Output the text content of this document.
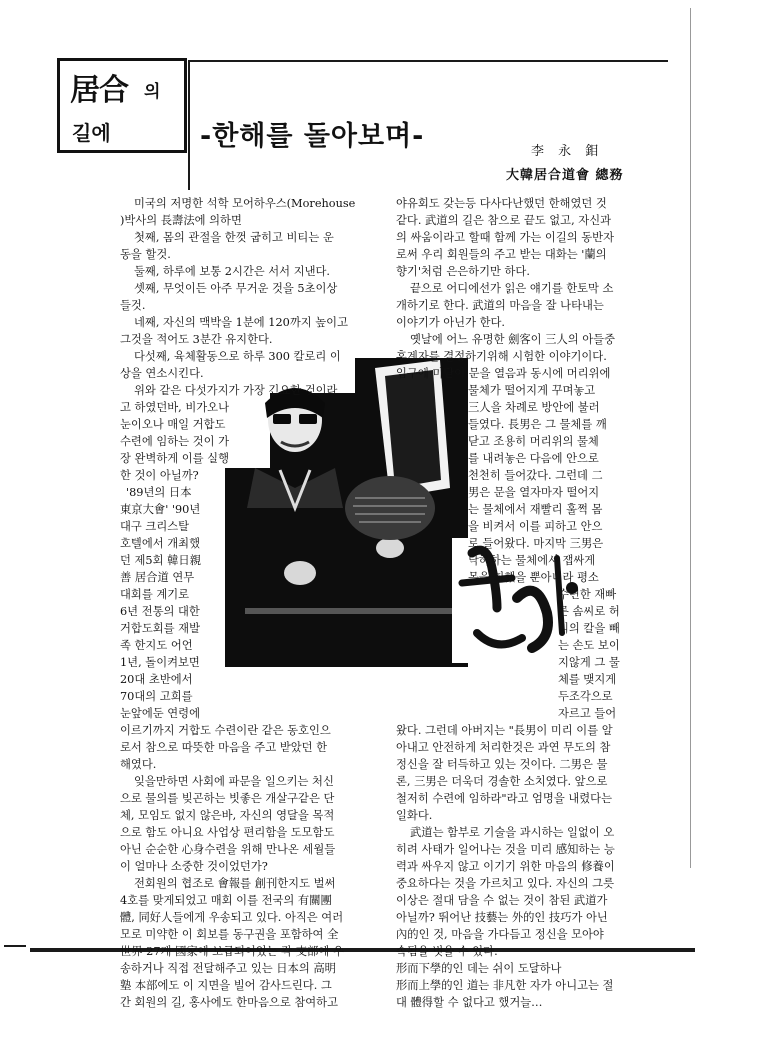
居合 의
길에	-한해를 돌아보며-	李 永 鉬
大韓居合道會 總務

미국의 저명한 석학 모어하우스(Morehouse

)박사의 長壽法에 의하면

첫째, 몸의 관절을 한껏 굽히고 비티는 운

동을 할것.

둘째, 하루에 보통 2시간은 서서 지낸다.

셋째, 무엇이든 아주 무거운 것을 5초이상

들것.

네째, 자신의 맥박을 1분에 120까지 높이고

그것을 적어도 3분간 유지한다.

다섯째, 육체활동으로 하루 300 칼로리 이

상을 연소시킨다.

위와 같은 다섯가지가 가장 긴요한 것이라

고 하였던바, 비가오나

눈이오나 매일 거합도

수련에 임하는 것이 가

장 완벽하게 이를 실행

한 것이 아닐까?

'89년의 日本

東京大會' '90년

대구 크리스탈

호텔에서 개최했

던 제5회 韓日親

善 居合道 연무

대회를 계기로

6년 전통의 대한

거합도회를 재발

족 한지도 어언

1년, 돌이켜보면

20대 초반에서

70대의 고희를

눈앞에둔 연령에

이르기까지 거합도 수련이란 같은 동호인으

로서 참으로 따뜻한 마음을 주고 받았던 한

해였다.

잊을만하면 사회에 파문을 일으키는 처신

으로 물의를 빚곤하는 빗좋은 개살구같은 단

체, 모임도 없지 않은바, 자신의 영달을 목적

으로 함도 아니요 사업상 편리함을 도모함도

아닌 순순한 心身수련을 위해 만나온 세월들

이 얼마나 소중한 것이었던가?

전회원의 협조로 會報를 創刊한지도 벌써

4호를 맞게되었고 매회 이를 전국의 有關團

體, 同好人들에게 우송되고 있다. 아직은 여러

모로 미약한 이 회보를 동구권을 포함하여 全

世界 27개 國家에 보급되어있는 각 支部에 우

송하거나 직접 전달해주고 있는 日本의 高明

塾 本部에도 이 지면을 빌어 감사드린다. 그

간 회원의 길, 홍사에도 한마음으로 참여하고

야유회도 갖는등 다사다난했던 한해였던 것

같다. 武道의 길은 참으로 끝도 없고, 자신과

의 싸움이라고 할때 함께 가는 이길의 동반자

로써 우리 회원들의 주고 받는 대화는 '蘭의

향기'처럼 은은하기만 하다.

끝으로 어디에선가 읽은 얘기를 한토막 소

개하기로 한다. 武道의 마음을 잘 나타내는

이야기가 아닌가 한다.

옛날에 어느 유명한 劍客이 三人의 아들중

후계자를 결정하기위해 시험한 이야기이다.

입구에 미닫이 문을 열음과 동시에 머리위에

물체가 떨어지게 꾸며놓고

三人을 차례로 방안에 불러

들였다. 長男은 그 물체를 깨

닫고 조용히 머리위의 물체

를 내려놓은 다음에 안으로

천천히 들어갔다. 그런데 二

男은 문을 열자마자 떨어지

는 물체에서 재빨리 훌쩍 몸

을 비켜서 이를 피하고 안으

로 들어왔다. 마지막 三男은

낙하하는 물체에서 잽싸게

몸을 피했을 뿐아니라 평소

수련한 재빠

른 솜씨로 허

리의 칼을 빼

는 손도 보이

지않게 그 물

체를 맺지게

두조각으로

자르고 들어

왔다. 그런데 아버지는 "長男이 미리 이를 알

아내고 안전하게 처리한것은 과연 무도의 참

정신을 잘 터득하고 있는 것이다. 二男은 물

론, 三男은 더욱더 경솔한 소치였다. 앞으로

철저히 수련에 임하라"라고 엄명을 내렸다는

일화다.

武道는 함부로 기술을 과시하는 일없이 오

히려 사태가 일어나는 것을 미리 感知하는 능

력과 싸우지 않고 이기기 위한 마음의 修養이

중요하다는 것을 가르치고 있다. 자신의 그릇

이상은 절대 담을 수 없는 것이 참된 武道가

아닐까? 뛰어난 技藝는 外的인 技巧가 아닌

內的인 것, 마음을 가다듬고 정신을 모아야

속됨을 벗을 수 있다.

形而下學的인 데는 쉬이 도달하나

形而上學的인 道는 非凡한 자가 아니고는 절

대 體得할 수 없다고 했거늘…
